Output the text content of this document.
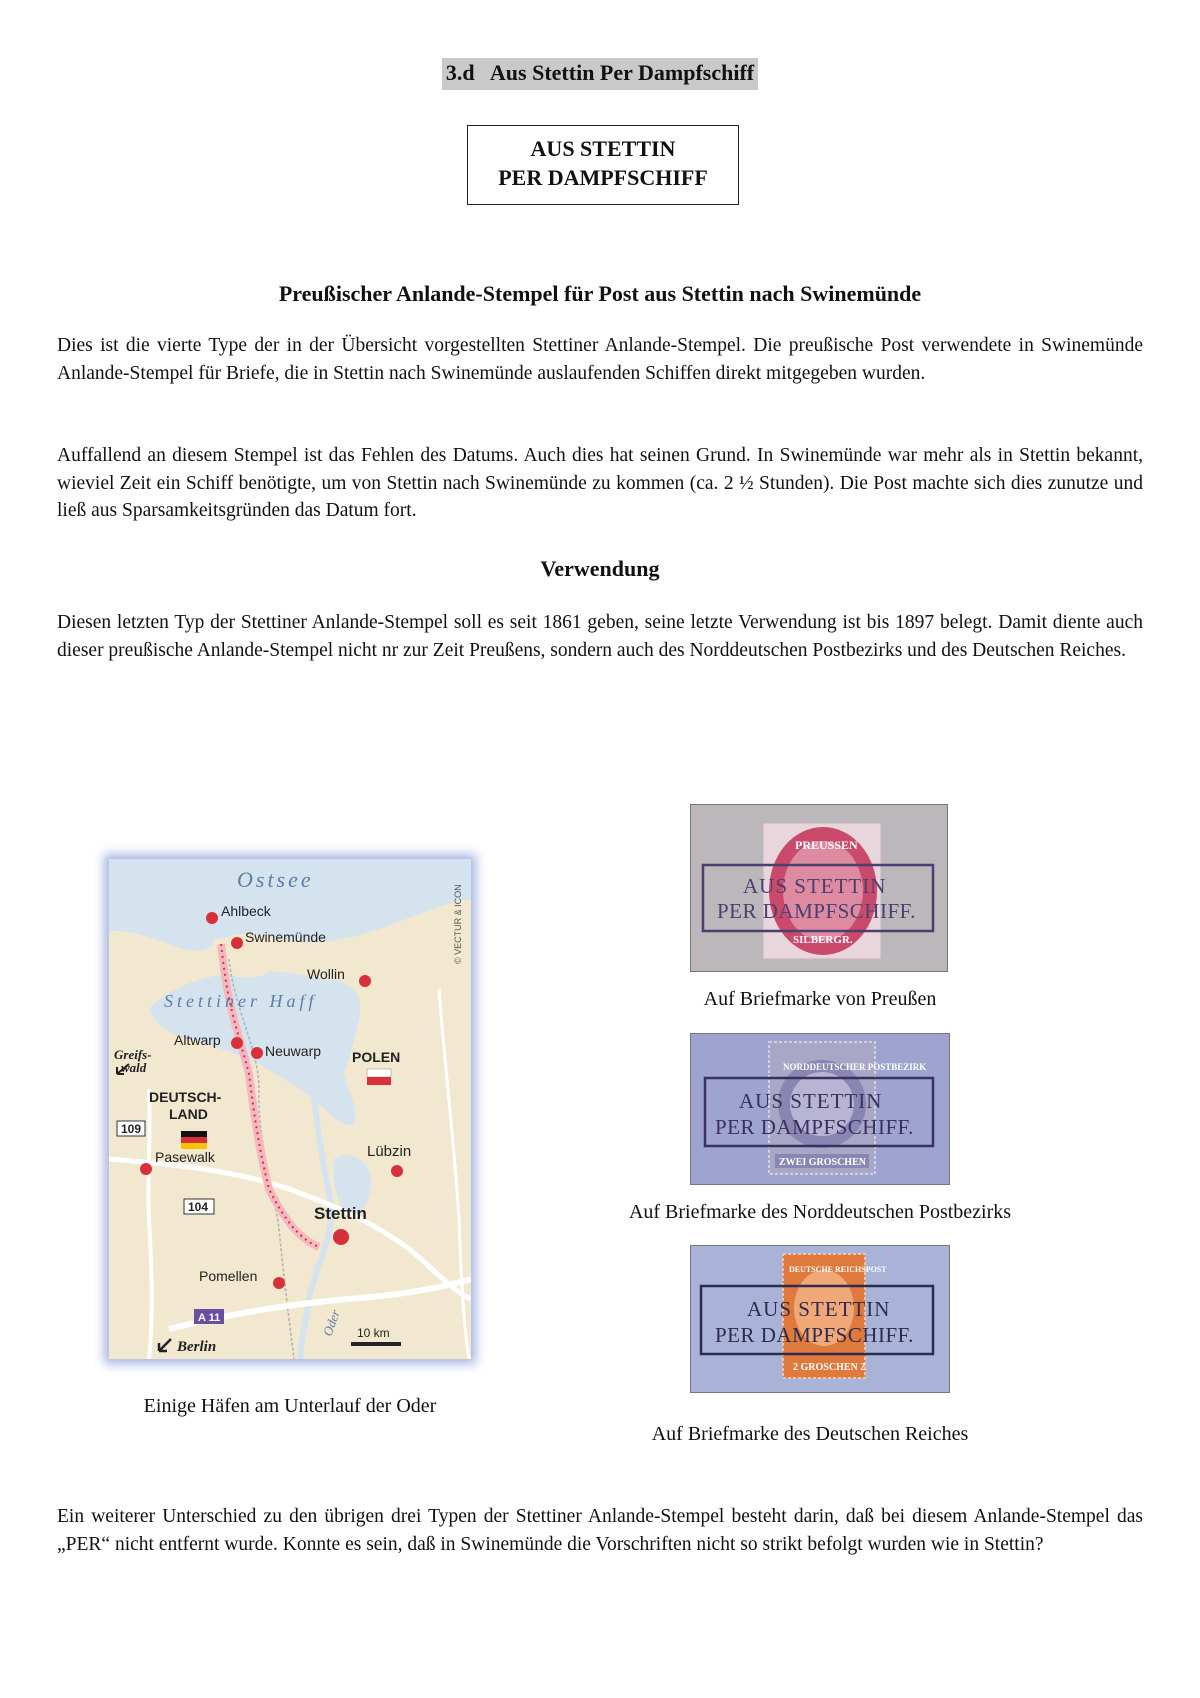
3.d   Aus Stettin Per Dampfschiff
AUS STETTIN
PER DAMPFSCHIFF
Preußischer Anlande-Stempel für Post aus Stettin nach Swinemünde

Dies ist die vierte Type der in der Übersicht vorgestellten Stettiner Anlande-Stempel. Die preußische Post verwendete in Swinemünde Anlande-Stempel für Briefe, die in Stettin nach Swinemünde auslaufenden Schiffen direkt mitgegeben wurden.

Auffallend an diesem Stempel ist das Fehlen des Datums. Auch dies hat seinen Grund. In Swinemünde war mehr als in Stettin bekannt, wieviel Zeit ein Schiff benötigte, um von Stettin nach Swinemünde zu kommen (ca. 2 ½ Stunden). Die Post machte sich dies zunutze und ließ aus Sparsamkeitsgründen das Datum fort.

Verwendung

Diesen letzten Typ der Stettiner Anlande-Stempel soll es seit 1861 geben, seine letzte Verwendung ist bis 1897 belegt. Damit diente auch dieser preußische Anlande-Stempel nicht nr zur Zeit Preußens, sondern auch des Norddeutschen Postbezirks und des Deutschen Reiches.

Ostsee
Stettiner Haff
© VECTUR & ICON
Ahlbeck
Swinemünde
Wollin
Altwarp
Neuwarp POLEN
Greifs-
wald
DEUTSCH-
LAND
109
Pasewalk	Lübzin
104	Stettin
Pomellen
A 11	Oder
Berlin
10 km
Einige Häfen am Unterlauf der Oder
PREUSSEN
SILBERGR.
AUS STETTIN
PER DAMPFSCHIFF.
Auf Briefmarke von Preußen
NORDDEUTSCHER POSTBEZIRK
ZWEI GROSCHEN
AUS STETTIN
PER DAMPFSCHIFF.
Auf Briefmarke des Norddeutschen Postbezirks
DEUTSCHE REICHSPOST
2 GROSCHEN 2
AUS STETTIN
PER DAMPFSCHIFF.
Auf Briefmarke des Deutschen Reiches

Ein weiterer Unterschied zu den übrigen drei Typen der Stettiner Anlande-Stempel besteht darin, daß bei diesem Anlande-Stempel das „PER“ nicht entfernt wurde. Konnte es sein, daß in Swinemünde die Vorschriften nicht so strikt befolgt wurden wie in Stettin?
